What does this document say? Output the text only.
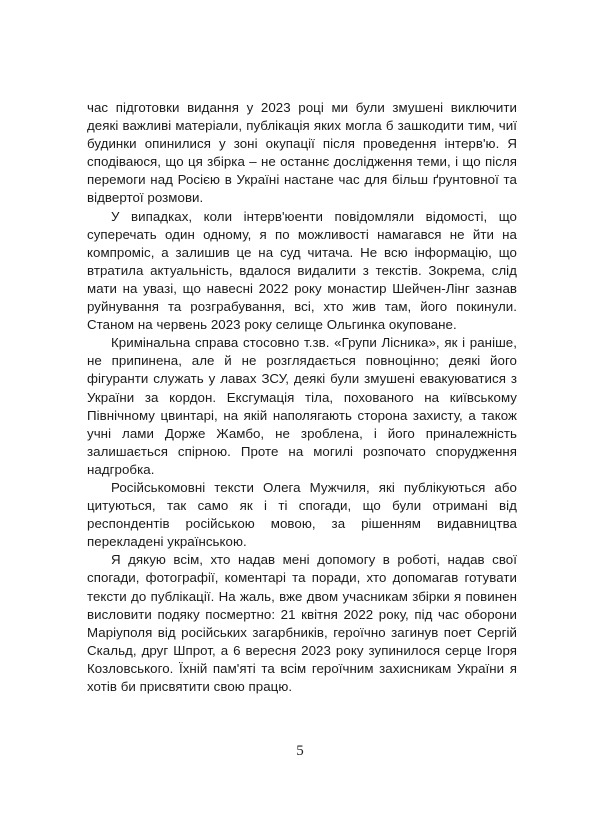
час підготовки видання у 2023 році ми були змушені виключити деякі важливі матеріали, публікація яких могла б зашкодити тим, чиї будинки опинилися у зоні окупації після проведення інтерв'ю. Я сподіваюся, що ця збірка – не останнє дослідження теми, і що після перемоги над Росією в Україні настане час для більш ґрунтовної та відвертої розмови.

У випадках, коли інтерв'юенти повідомляли відомості, що суперечать один одному, я по можливості намагався не йти на компроміс, а залишив це на суд читача. Не всю інформацію, що втратила актуальність, вдалося видалити з текстів. Зокрема, слід мати на увазі, що навесні 2022 року монастир Шейчен-Лінг зазнав руйнування та розграбування, всі, хто жив там, його покинули. Станом на червень 2023 року селище Ольгинка окуповане.

Кримінальна справа стосовно т.зв. «Групи Лісника», як і раніше, не припинена, але й не розглядається повноцінно; деякі його фігуранти служать у лавах ЗСУ, деякі були змушені евакуюватися з України за кордон. Ексгумація тіла, похованого на київському Північному цвинтарі, на якій наполягають сторона захисту, а також учні лами Дорже Жамбо, не зроблена, і його приналежність залишається спірною. Проте на могилі розпочато спорудження надгробка.

Російськомовні тексти Олега Мужчиля, які публікуються або цитуються, так само як і ті спогади, що були отримані від респондентів російською мовою, за рішенням видавництва перекладені українською.

Я дякую всім, хто надав мені допомогу в роботі, надав свої спогади, фотографії, коментарі та поради, хто допомагав готувати тексти до публікації. На жаль, вже двом учасникам збірки я повинен висловити подяку посмертно: 21 квітня 2022 року, під час оборони Маріуполя від російських загарбників, героїчно загинув поет Сергій Скальд, друг Шпрот, а 6 вересня 2023 року зупинилося серце Ігоря Козловського. Їхній пам'яті та всім героїчним захисникам України я хотів би присвятити свою працю.

5
